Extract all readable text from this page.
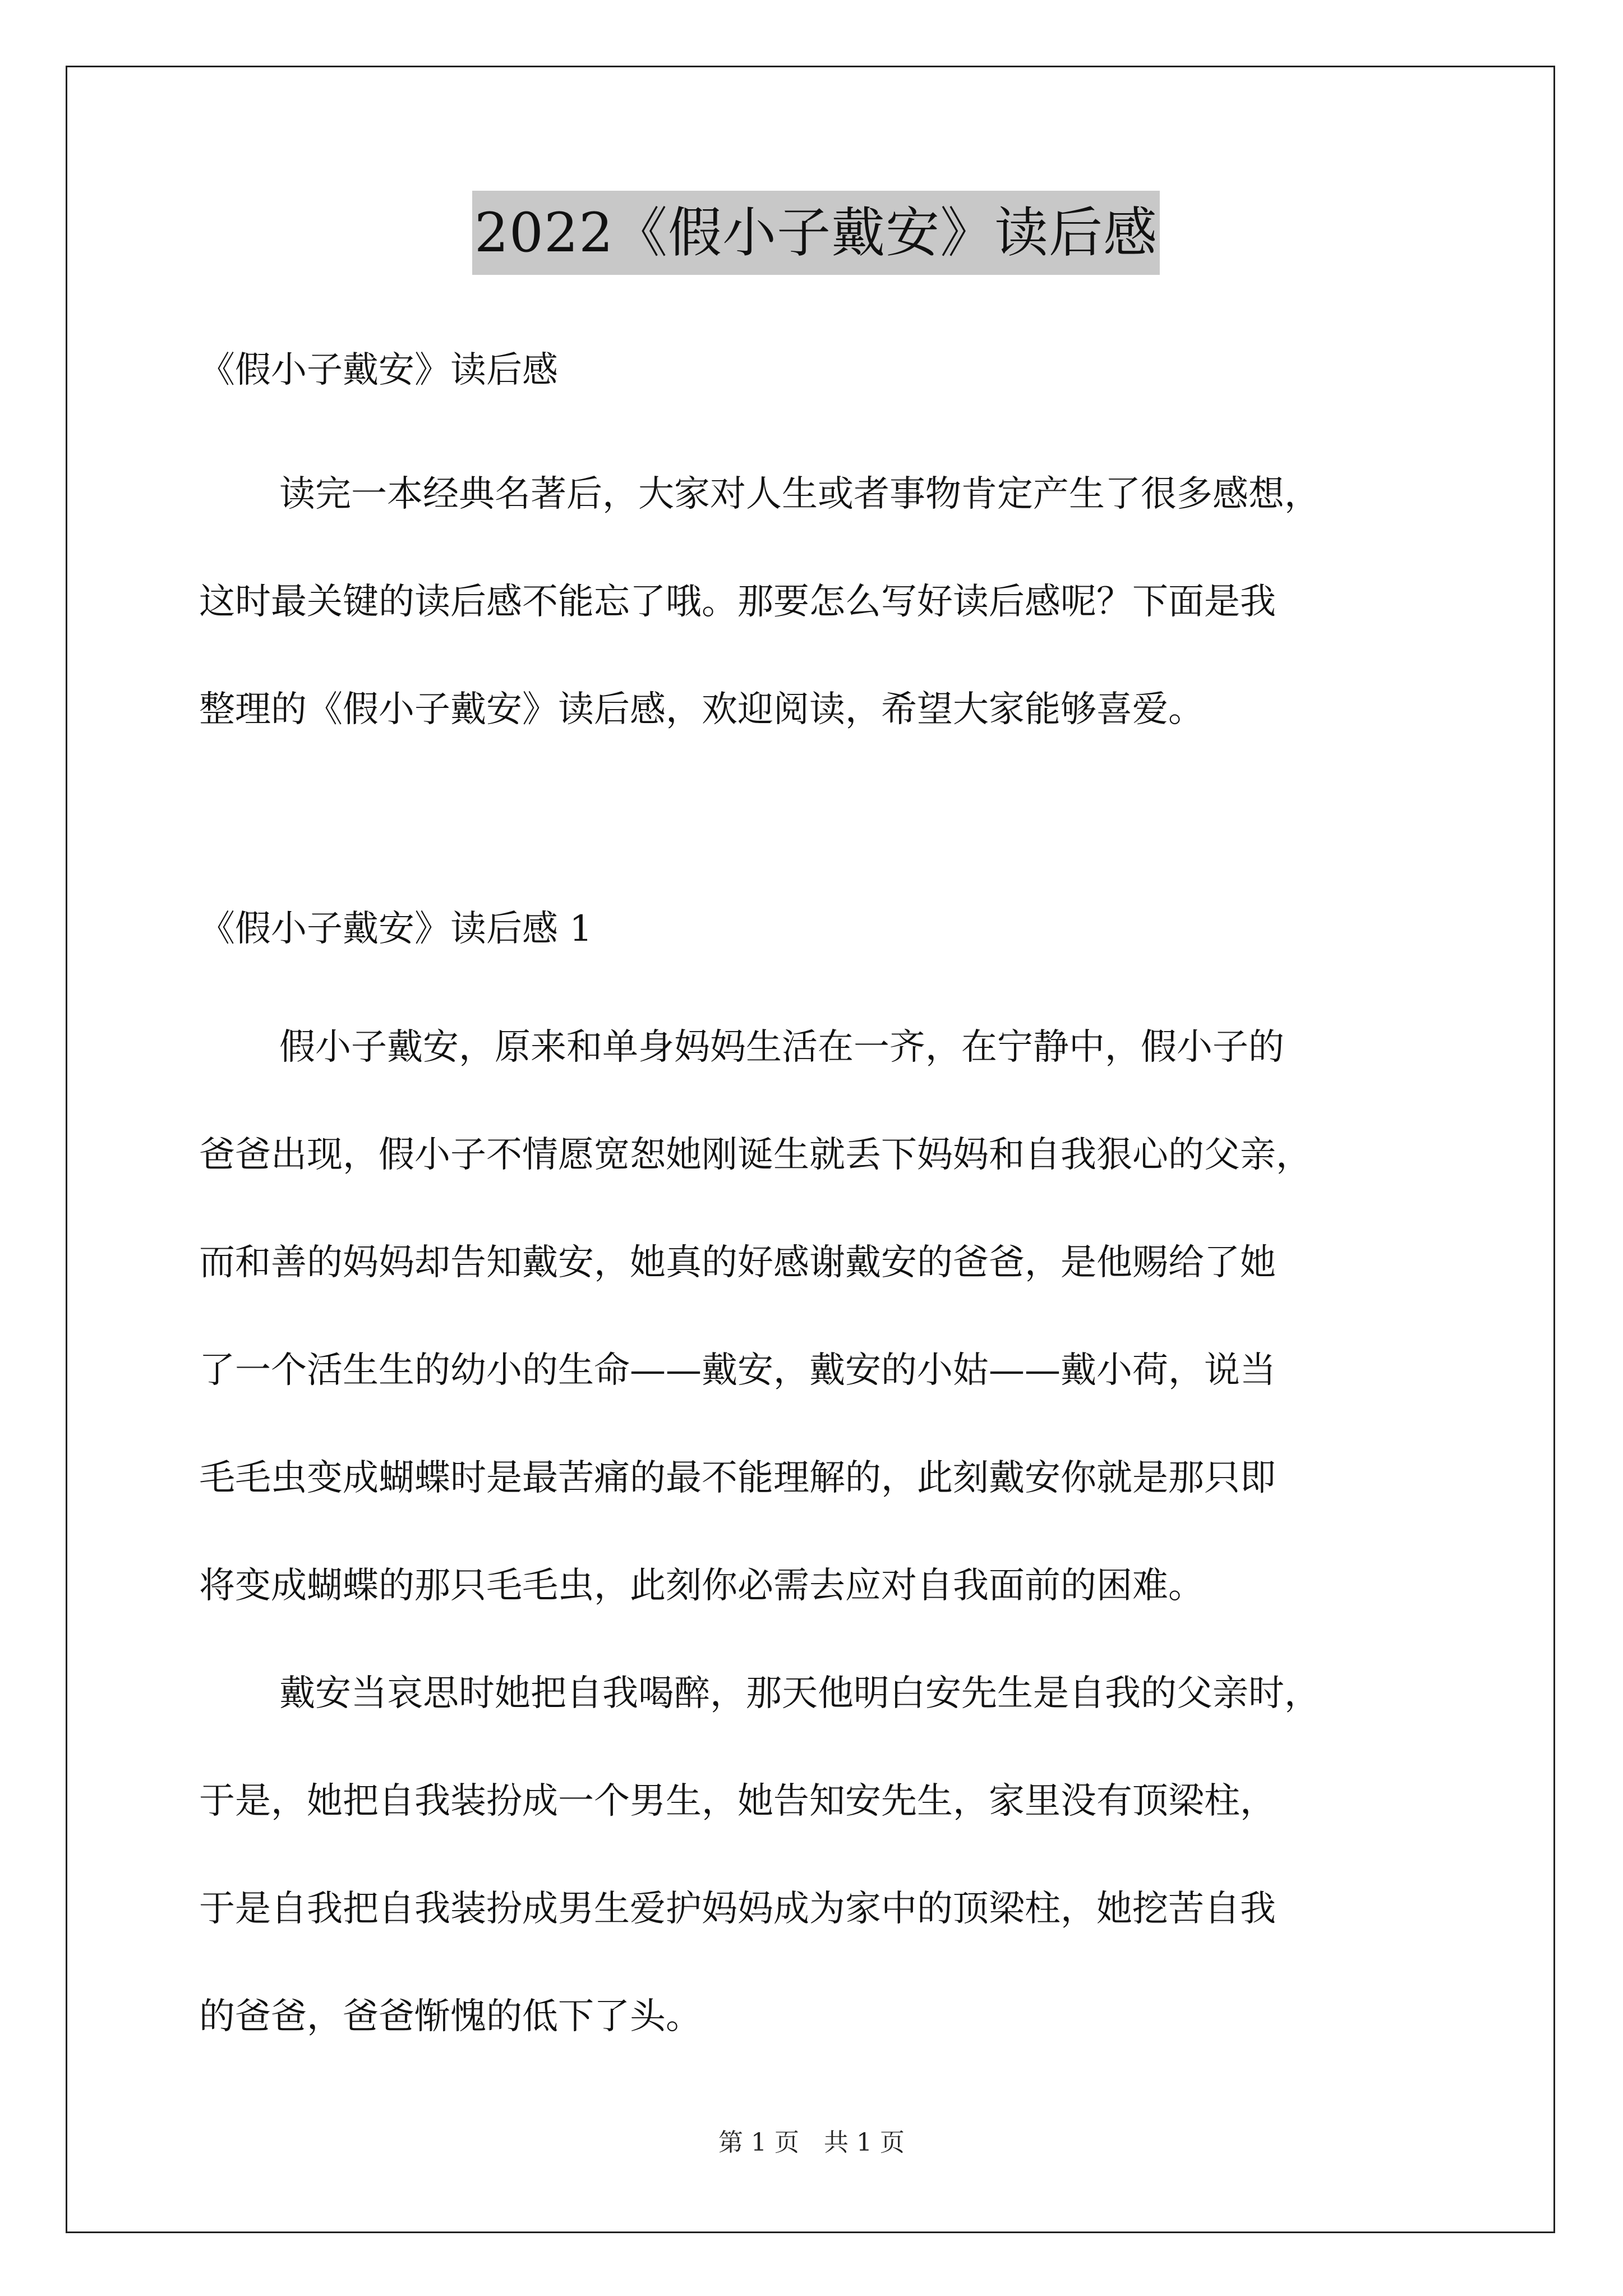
2022《假小子戴安》读后感

《假小子戴安》读后感

读完一本经典名著后，大家对人生或者事物肯定产生了很多感想，
这时最关键的读后感不能忘了哦。那要怎么写好读后感呢？下面是我
整理的《假小子戴安》读后感，欢迎阅读，希望大家能够喜爱。

《假小子戴安》读后感 1

假小子戴安，原来和单身妈妈生活在一齐，在宁静中，假小子的
爸爸出现，假小子不情愿宽恕她刚诞生就丢下妈妈和自我狠心的父亲，
而和善的妈妈却告知戴安，她真的好感谢戴安的爸爸，是他赐给了她
了一个活生生的幼小的生命——戴安，戴安的小姑——戴小荷，说当
毛毛虫变成蝴蝶时是最苦痛的最不能理解的，此刻戴安你就是那只即
将变成蝴蝶的那只毛毛虫，此刻你必需去应对自我面前的困难。

戴安当哀思时她把自我喝醉，那天他明白安先生是自我的父亲时，
于是，她把自我装扮成一个男生，她告知安先生，家里没有顶梁柱，
于是自我把自我装扮成男生爱护妈妈成为家中的顶梁柱，她挖苦自我
的爸爸，爸爸惭愧的低下了头。

第 1 页　共 1 页
